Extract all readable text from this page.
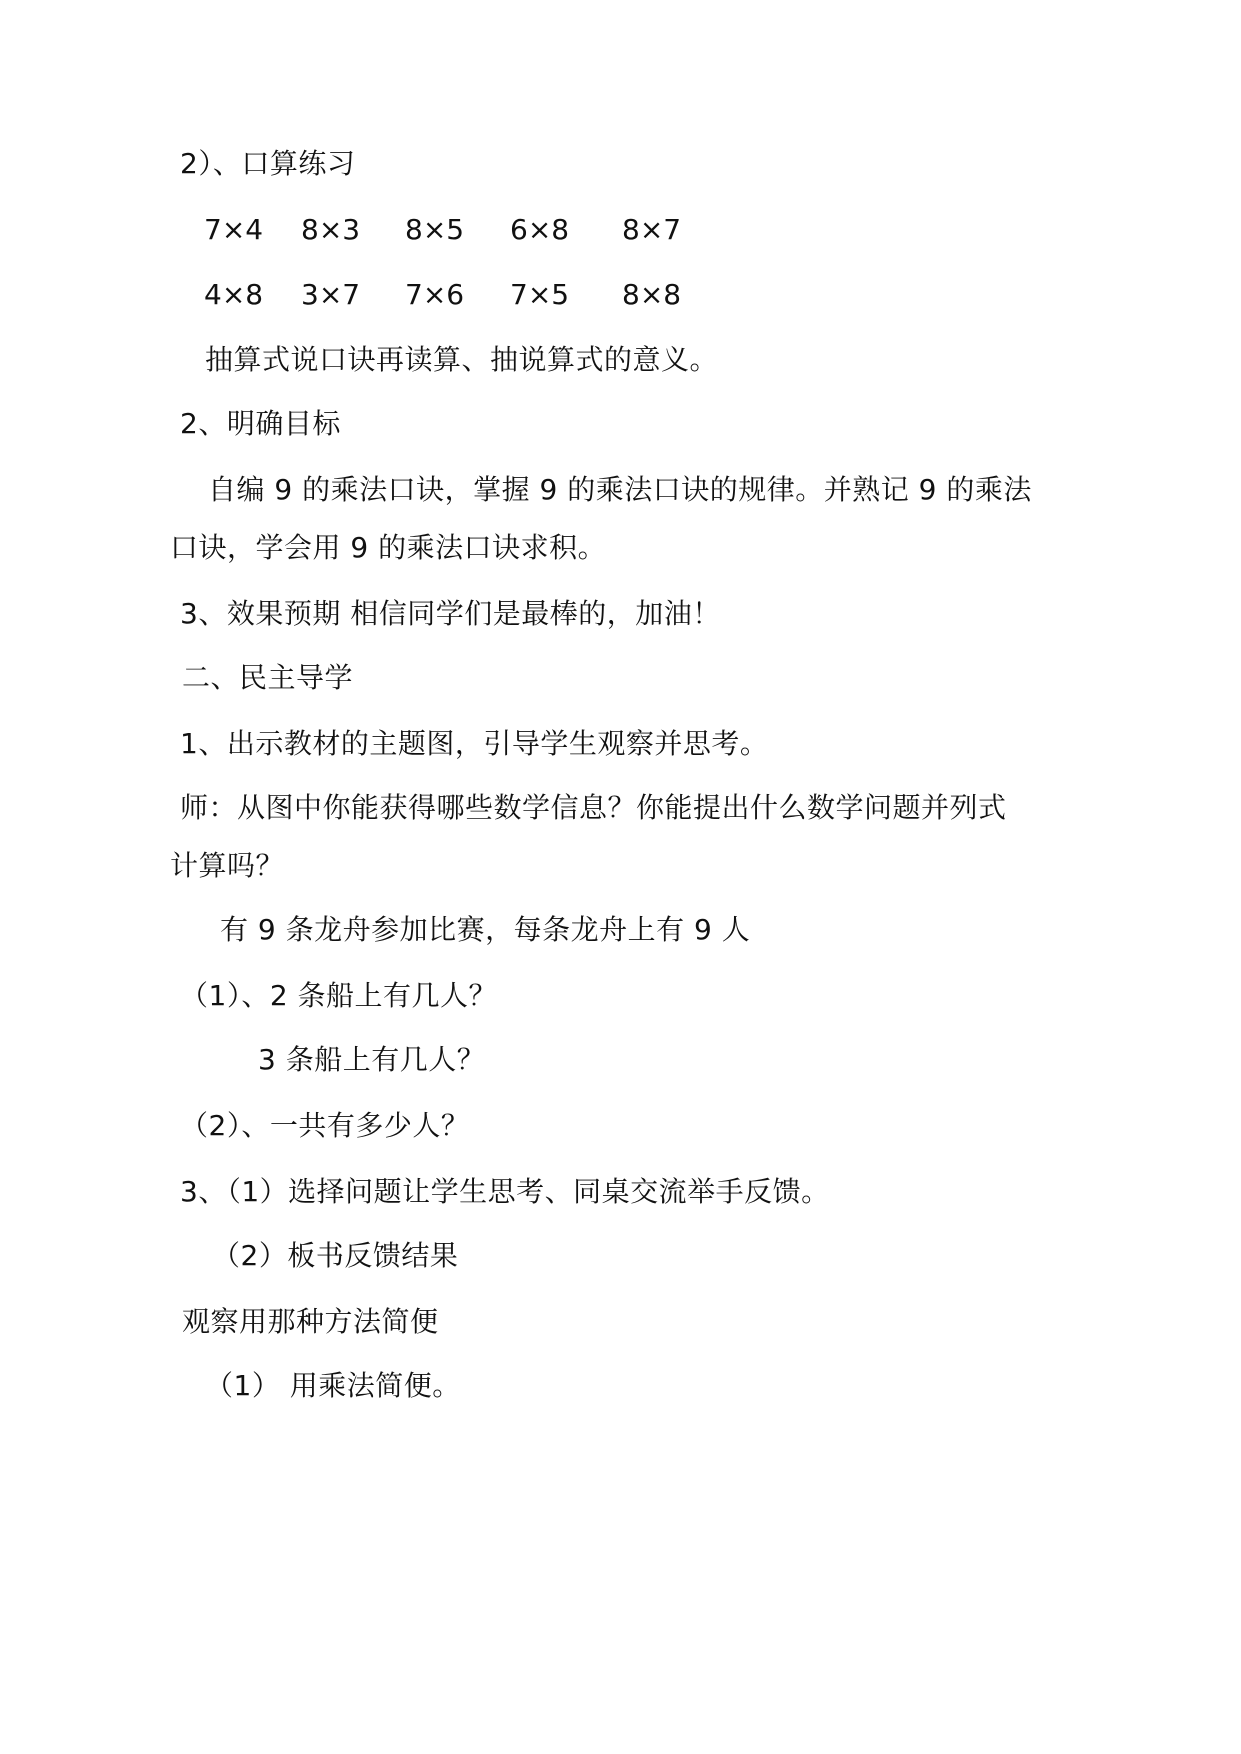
2）、口算练习
7×4 8×3 8×5 6×8 8×7
4×8 3×7 7×6 7×5 8×8
抽算式说口诀再读算、抽说算式的意义。
2、明确目标
自编 9 的乘法口诀，掌握 9 的乘法口诀的规律。并熟记 9 的乘法
口诀，学会用 9 的乘法口诀求积。
3、效果预期 相信同学们是最棒的，加油！
二、民主导学
1、出示教材的主题图，引导学生观察并思考。
师：从图中你能获得哪些数学信息？你能提出什么数学问题并列式
计算吗？
有 9 条龙舟参加比赛，每条龙舟上有 9 人
（1）、2 条船上有几人？
3 条船上有几人？
（2）、一共有多少人？
3、（1）选择问题让学生思考、同桌交流举手反馈。
（2）板书反馈结果
观察用那种方法简便
（1） 用乘法简便。
